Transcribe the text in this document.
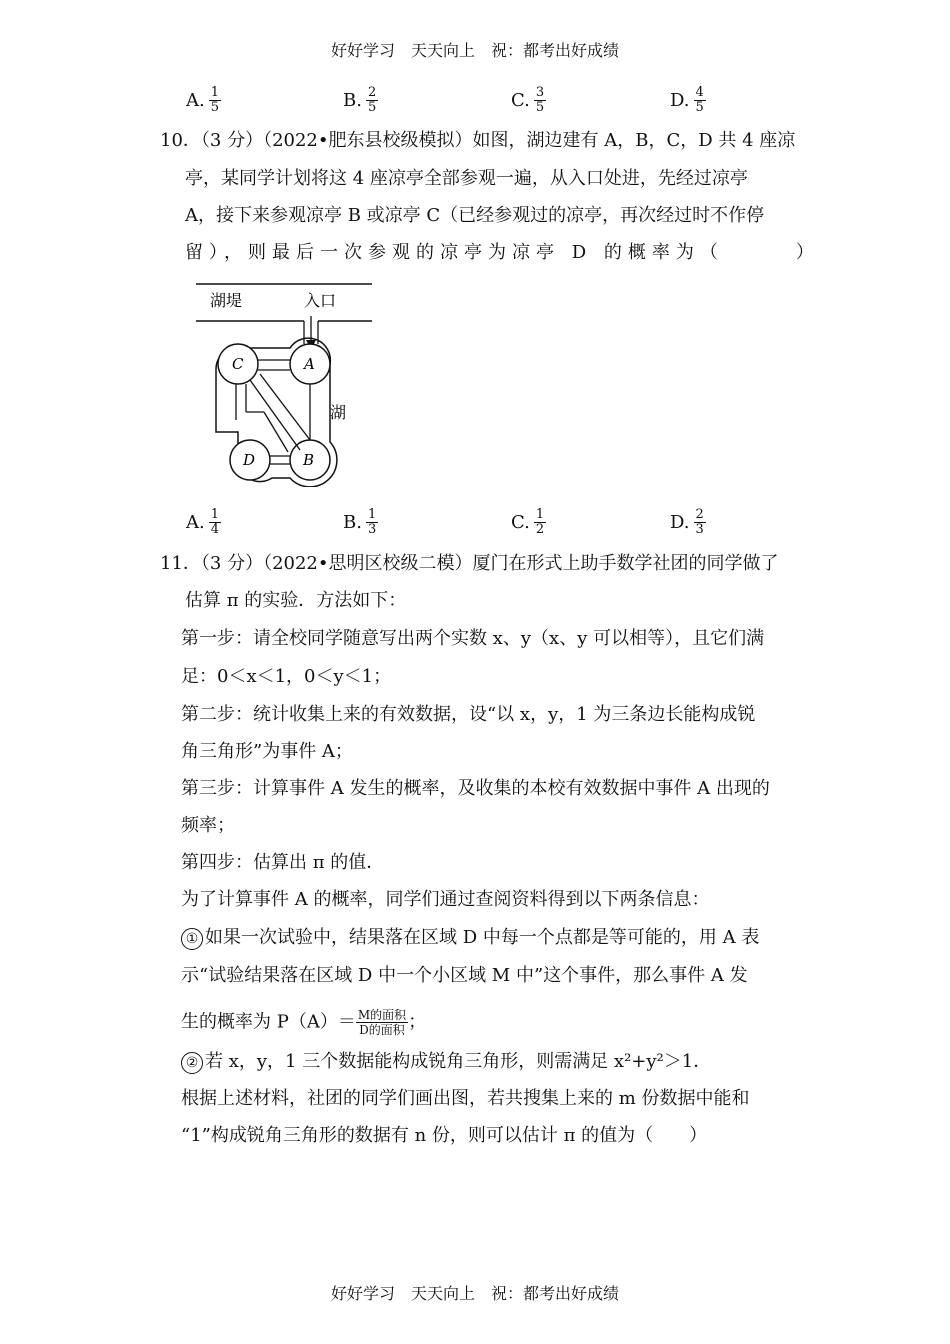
好好学习　天天向上　祝：都考出好成绩
A. $\frac{1}{5}$	B. $\frac{2}{5}$	C. $\frac{3}{5}$	D. $\frac{4}{5}$
10．（3 分）（2022•肥东县校级模拟）如图，湖边建有 A，B，C，D 共 4 座凉
亭，某同学计划将这 4 座凉亭全部参观一遍，从入口处进，先经过凉亭
A，接下来参观凉亭 B 或凉亭 C（已经参观过的凉亭，再次经过时不作停
留），则最后一次参观的凉亭为凉亭 D 的概率为（　　　）
湖堤	入口
C	A
D	B
湖
A. $\frac{1}{4}$	B. $\frac{1}{3}$	C. $\frac{1}{2}$	D. $\frac{2}{3}$
11．（3 分）（2022•思明区校级二模）厦门在形式上助手数学社团的同学做了
估算 π 的实验．方法如下：
第一步：请全校同学随意写出两个实数 x、y（x、y 可以相等），且它们满
足：0＜x＜1，0＜y＜1；
第二步：统计收集上来的有效数据，设“以 x，y，1 为三条边长能构成锐
角三角形”为事件 A；
第三步：计算事件 A 发生的概率，及收集的本校有效数据中事件 A 出现的
频率；
第四步：估算出 π 的值．
为了计算事件 A 的概率，同学们通过查阅资料得到以下两条信息：
① 如果一次试验中，结果落在区域 D 中每一个点都是等可能的，用 A 表
示“试验结果落在区域 D 中一个小区域 M 中”这个事件，那么事件 A 发
生的概率为 $P(A)= \frac{\text{M的面积}}{\text{D的面积}}$ ；
② 若 x，y，1 三个数据能构成锐角三角形，则需满足 x²+y²＞1．
根据上述材料，社团的同学们画出图，若共搜集上来的 m 份数据中能和
“1”构成锐角三角形的数据有 n 份，则可以估计 π 的值为（　　）
好好学习　天天向上　祝：都考出好成绩
